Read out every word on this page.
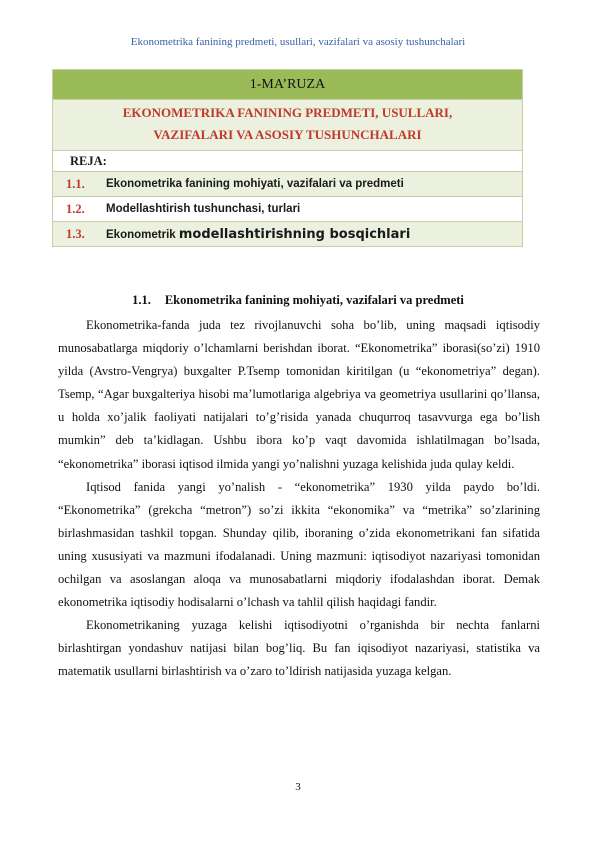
Ekonometrika fanining predmeti, usullari, vazifalari va asosiy tushunchalari
1-MA’RUZA	

EKONOMETRIKA FANINING PREDMETI, USULLARI,
VAZIFALARI VA ASOSIY TUSHUNCHALARI	

REJA:	
1.1.	Ekonometrika fanining mohiyati, vazifalari va predmeti
1.2.	Modellashtirish tushunchasi, turlari
1.3.	Ekonometrik modellashtirishning bosqichlari
1.1. Ekonometrika fanining mohiyati, vazifalari va predmeti

Ekonometrika-fanda juda tez rivojlanuvchi soha bo’lib, uning maqsadi iqtisodiy munosabatlarga miqdoriy o’lchamlarni berishdan iborat. “Ekonometrika” iborasi(so’zi) 1910 yilda (Avstro-Vengrya) buxgalter P.Tsemp tomonidan kiritilgan (u “ekonometriya” degan). Tsemp, “Agar buxgalteriya hisobi ma’lumotlariga algebriya va geometriya usullarini qo’llansa, u holda xo’jalik faoliyati natijalari to’g’risida yanada chuqurroq tasavvurga ega bo’lish mumkin” deb ta’kidlagan. Ushbu ibora ko’p vaqt davomida ishlatilmagan bo’lsada, “ekonometrika” iborasi iqtisod ilmida yangi yo’nalishni yuzaga kelishida juda qulay keldi.

Iqtisod fanida yangi yo’nalish - “ekonometrika” 1930 yilda paydo bo’ldi. “Ekonometrika” (grekcha “metron”) so’zi ikkita “ekonomika” va “metrika” so’zlarining birlashmasidan tashkil topgan. Shunday qilib, iboraning o’zida ekonometrikani fan sifatida uning xususiyati va mazmuni ifodalanadi. Uning mazmuni: iqtisodiyot nazariyasi tomonidan ochilgan va asoslangan aloqa va munosabatlarni miqdoriy ifodalashdan iborat. Demak ekonometrika iqtisodiy hodisalarni o’lchash va tahlil qilish haqidagi fandir.

Ekonometrikaning yuzaga kelishi iqtisodiyotni o’rganishda bir nechta fanlarni birlashtirgan yondashuv natijasi bilan bog’liq. Bu fan iqisodiyot nazariyasi, statistika va matematik usullarni birlashtirish va o’zaro to’ldirish natijasida yuzaga kelgan.

3
